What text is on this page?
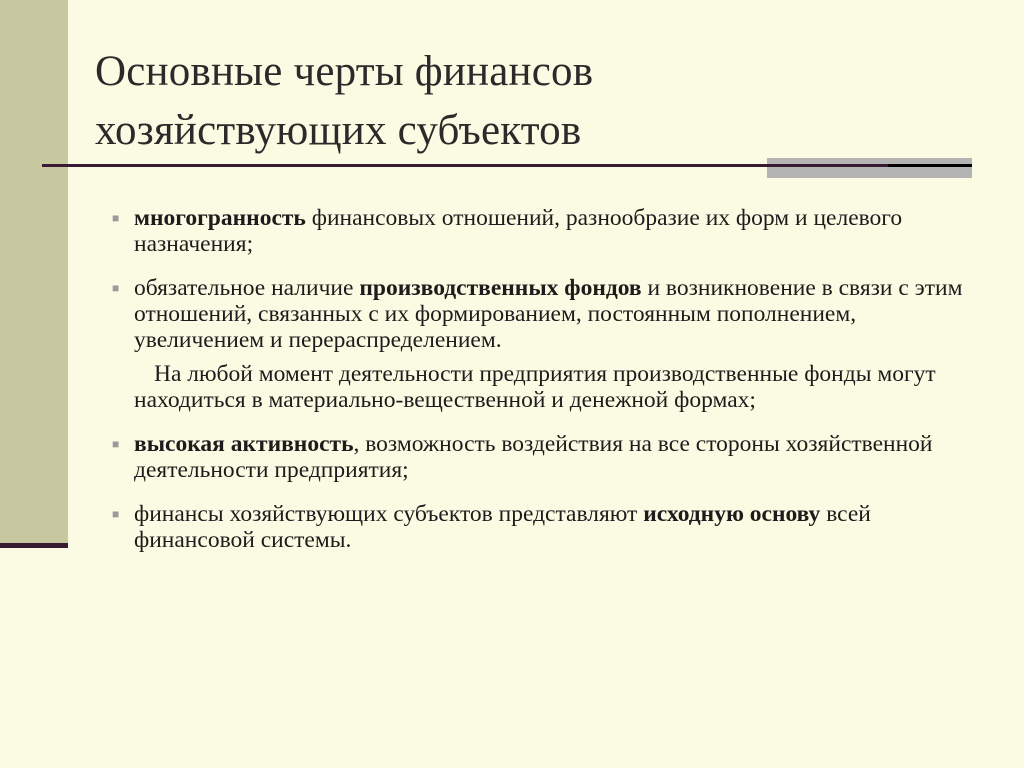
Основные черты финансов
хозяйствующих субъектов
■ многогранность финансовых отношений, разнообразие их форм и целевого назначения;
■ обязательное наличие производственных фондов и возникновение в связи с этим отношений, связанных с их формированием, постоянным пополнением, увеличением и перераспределением.
На любой момент деятельности предприятия производственные фонды могут находиться в материально-вещественной и денежной формах;
■ высокая активность, возможность воздействия на все стороны хозяйственной деятельности предприятия;
■ финансы хозяйствующих субъектов представляют исходную основу всей финансовой системы.
